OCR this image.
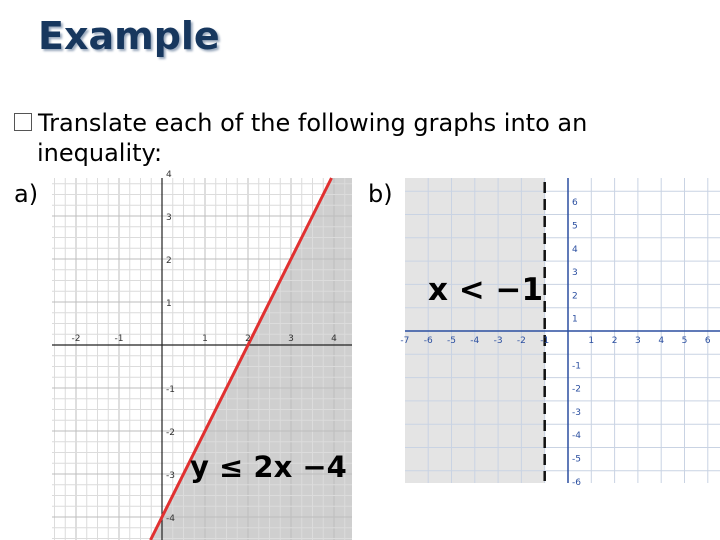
Example
Translate each of the following graphs into an
inequality:
a)	b)
-2	-1	1	2	3	4
4
3
2
1
-1
-2
-3
-4
y ≤ 2x −4
-7 -6 -5 -4 -3 -2 -1	1 2 3 4 5 6
6
5
4
3
2
1
-1
-2
-3
-4
-5
-6
x < −1
